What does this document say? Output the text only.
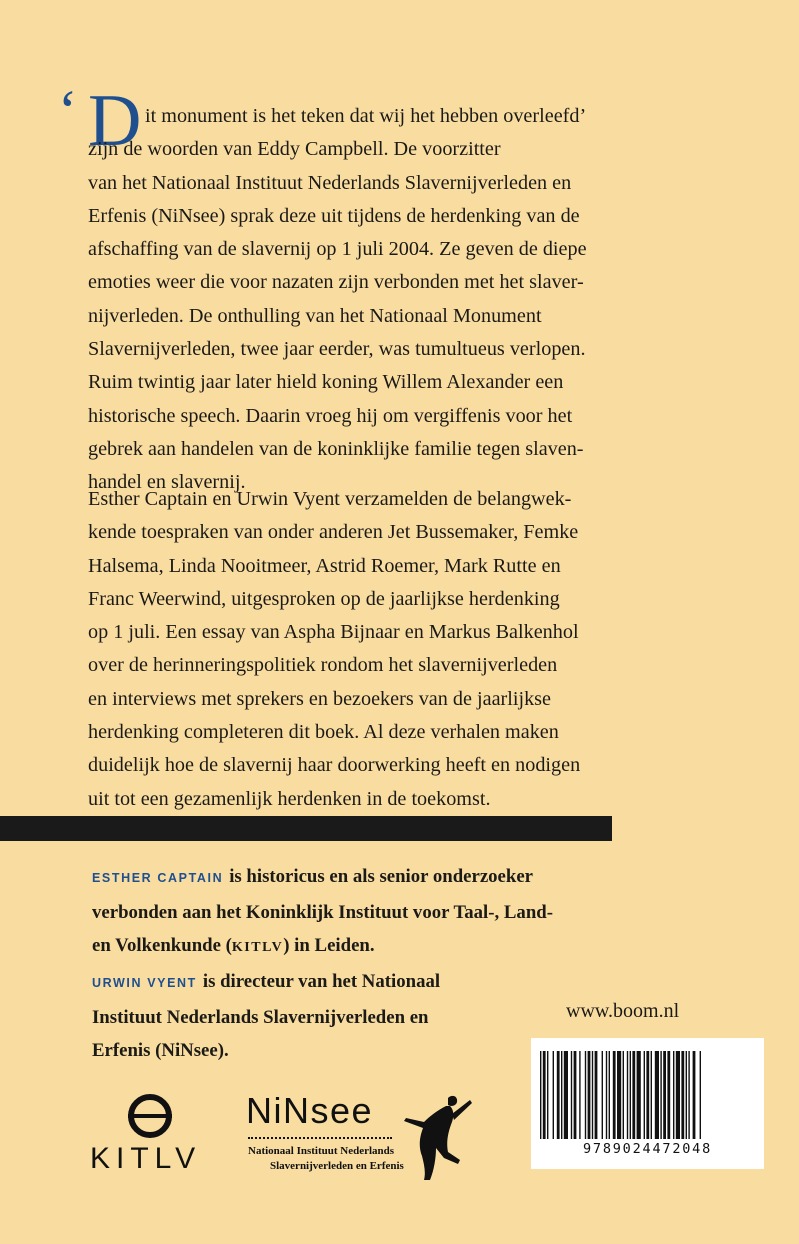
‘ D it monument is het teken dat wij het hebben overleefd’
zijn de woorden van Eddy Campbell. De voorzitter
van het Nationaal Instituut Nederlands Slavernijverleden en
Erfenis (NiNsee) sprak deze uit tijdens de herdenking van de
afschaffing van de slavernij op 1 juli 2004. Ze geven de diepe
emoties weer die voor nazaten zijn verbonden met het slaver-
nijverleden. De onthulling van het Nationaal Monument
Slavernijverleden, twee jaar eerder, was tumultueus verlopen.
Ruim twintig jaar later hield koning Willem Alexander een
historische speech. Daarin vroeg hij om vergiffenis voor het
gebrek aan handelen van de koninklijke familie tegen slaven-
handel en slavernij.
Esther Captain en Urwin Vyent verzamelden de belangwek-
kende toespraken van onder anderen Jet Bussemaker, Femke
Halsema, Linda Nooitmeer, Astrid Roemer, Mark Rutte en
Franc Weerwind, uitgesproken op de jaarlijkse herdenking
op 1 juli. Een essay van Aspha Bijnaar en Markus Balkenhol
over de herinneringspolitiek rondom het slavernijverleden
en interviews met sprekers en bezoekers van de jaarlijkse
herdenking completeren dit boek. Al deze verhalen maken
duidelijk hoe de slavernij haar doorwerking heeft en nodigen
uit tot een gezamenlijk herdenken in de toekomst.
ESTHER CAPTAIN is historicus en als senior onderzoeker
verbonden aan het Koninklijk Instituut voor Taal-, Land-
en Volkenkunde (KITLV) in Leiden.
URWIN VYENT is directeur van het Nationaal
Instituut Nederlands Slavernijverleden en
Erfenis (NiNsee).
www.boom.nl
9789024472048
KITLV
NiNsee
Nationaal Instituut Nederlands
Slavernijverleden en Erfenis
